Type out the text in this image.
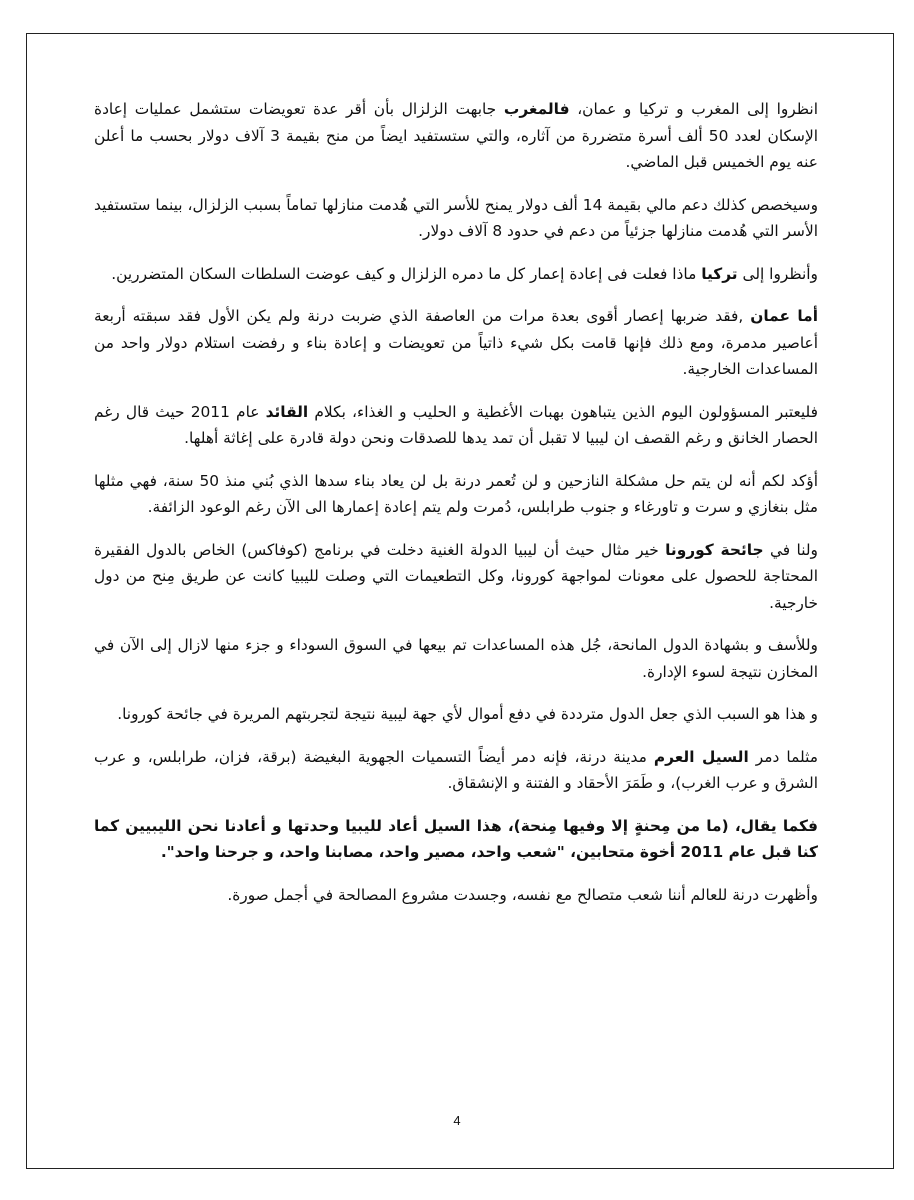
انظروا إلى المغرب و تركيا و عمان، فالمغرب جابهت الزلزال بأن أقر عدة تعويضات ستشمل عمليات إعادة الإسكان لعدد 50 ألف أسرة متضررة من آثاره، والتي ستستفيد ايضاً من منح بقيمة 3 آلاف دولار بحسب ما أعلن عنه يوم الخميس قبل الماضي.

وسيخصص كذلك دعم مالي بقيمة 14 ألف دولار يمنح للأسر التي هُدمت منازلها تماماً بسبب الزلزال، بينما ستستفيد الأسر التي هُدمت منازلها جزئياً من دعم في حدود 8 آلاف دولار.

وأنظروا إلى تركيا ماذا فعلت فى إعادة إعمار كل ما دمره الزلزال و كيف عوضت السلطات السكان المتضررين.

أما عمان ,فقد ضربها إعصار أقوى بعدة مرات من العاصفة الذي ضربت درنة ولم يكن الأول فقد سبقته أربعة أعاصير مدمرة، ومع ذلك فإنها قامت بكل شيء ذاتياً من تعويضات و إعادة بناء و رفضت استلام دولار واحد من المساعدات الخارجية.

فليعتبر المسؤولون اليوم الذين يتباهون بهبات الأغطية و الحليب و الغذاء، بكلام القائد عام 2011 حيث قال رغم الحصار الخانق و رغم القصف ان ليبيا لا تقبل أن تمد يدها للصدقات ونحن دولة قادرة على إغاثة أهلها.

أؤكد لكم أنه لن يتم حل مشكلة النازحين و لن تُعمر درنة بل لن يعاد بناء سدها الذي بُني منذ 50 سنة، فهي مثلها مثل بنغازي و سرت و تاورغاء و جنوب طرابلس، دُمرت ولم يتم إعادة إعمارها الى الآن رغم الوعود الزائفة.

ولنا في جائحة كورونا خير مثال حيث أن ليبيا الدولة الغنية دخلت في برنامج (كوفاكس) الخاص بالدول الفقيرة المحتاجة للحصول على معونات لمواجهة كورونا، وكل التطعيمات التي وصلت لليبيا كانت عن طريق مِنح من دول خارجية.

وللأسف و بشهادة الدول المانحة، جُل هذه المساعدات تم بيعها في السوق السوداء و جزء منها لازال إلى الآن في المخازن نتيجة لسوء الإدارة.

و هذا هو السبب الذي جعل الدول مترددة في دفع أموال لأي جهة ليبية نتيجة لتجربتهم المريرة في جائحة كورونا.

مثلما دمر السيل العرم مدينة درنة، فإنه دمر أيضاً التسميات الجهوية البغيضة (برقة، فزان، طرابلس، و عرب الشرق و عرب الغرب)، و طَمَرَ الأحقاد و الفتنة و الإنشقاق.

فكما يقال، (ما من مِحنةٍ إلا وفيها مِنحة)، هذا السيل أعاد لليبيا وحدتها و أعادنا نحن الليبيين كما كنا قبل عام 2011 أخوة متحابين، "شعب واحد، مصير واحد، مصابنا واحد، و جرحنا واحد".

وأظهرت درنة للعالم أننا شعب متصالح مع نفسه، وجسدت مشروع المصالحة في أجمل صورة.

4
